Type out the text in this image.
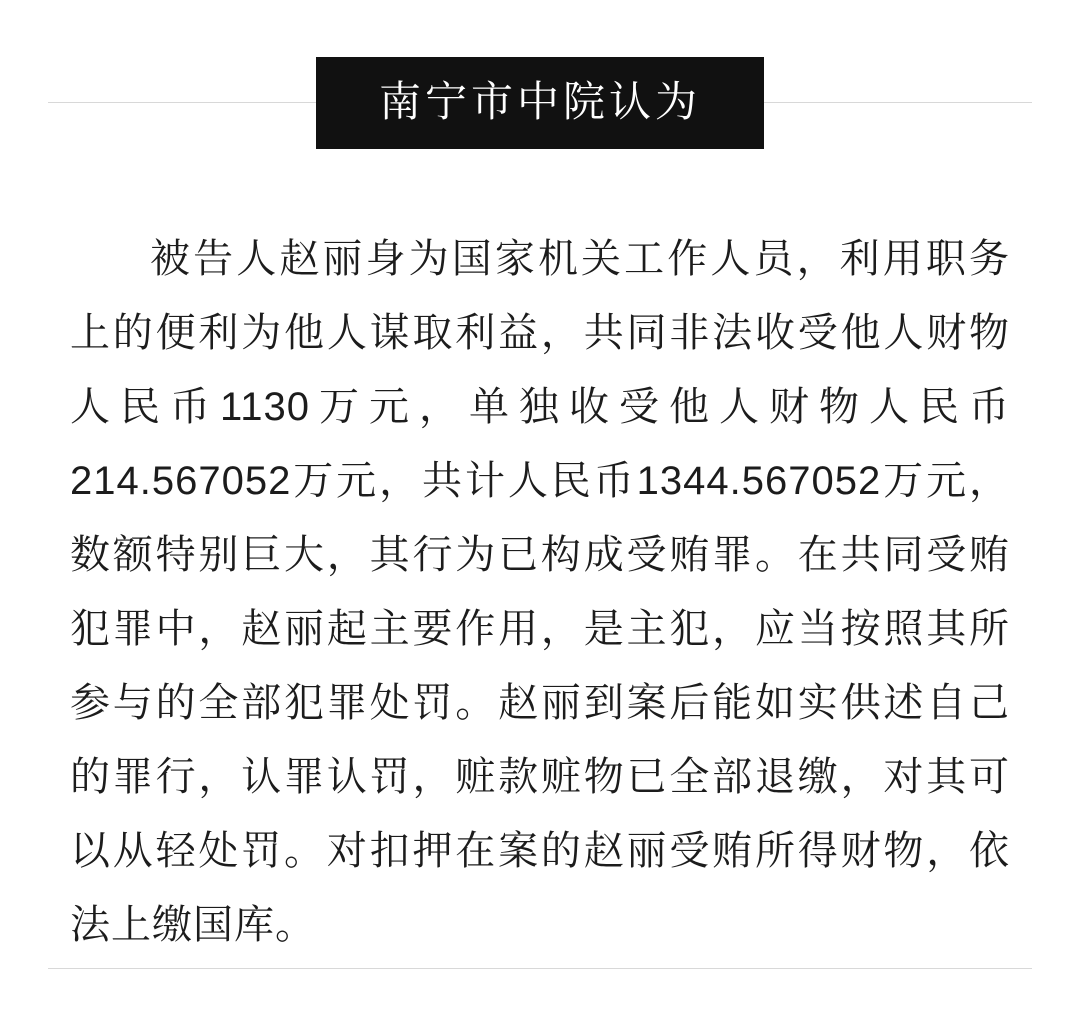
南宁市中院认为

被告人赵丽身为国家机关工作人员，利用职务上的便利为他人谋取利益，共同非法收受他人财物人民币1130万元，单独收受他人财物人民币214.567052万元，共计人民币1344.567052万元，数额特别巨大，其行为已构成受贿罪。在共同受贿犯罪中，赵丽起主要作用，是主犯，应当按照其所参与的全部犯罪处罚。赵丽到案后能如实供述自己的罪行，认罪认罚，赃款赃物已全部退缴，对其可以从轻处罚。对扣押在案的赵丽受贿所得财物，依法上缴国库。
